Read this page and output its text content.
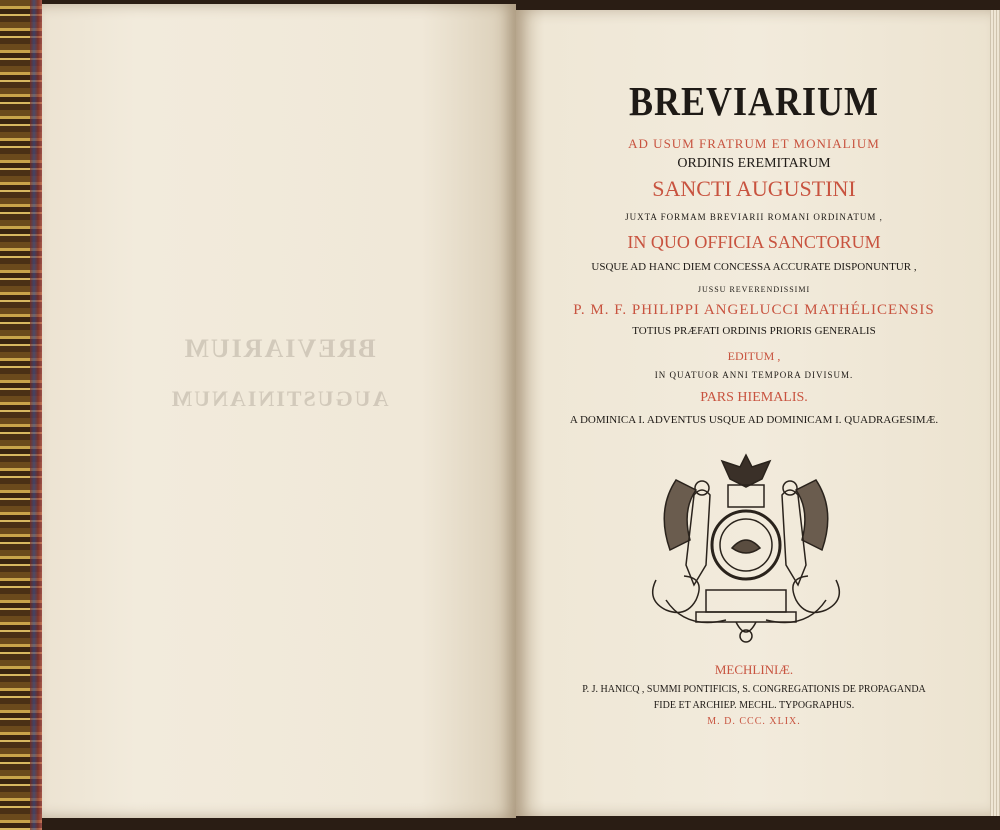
BREVIARIUM
AUGUSTINIANUM
BREVIARIUM
AD USUM FRATRUM ET MONIALIUM
ORDINIS EREMITARUM
SANCTI AUGUSTINI
JUXTA FORMAM BREVIARII ROMANI ORDINATUM ,
IN QUO OFFICIA SANCTORUM
USQUE AD HANC DIEM CONCESSA ACCURATE DISPONUNTUR ,
JUSSU REVERENDISSIMI
P. M. F. PHILIPPI ANGELUCCI MATHÉLICENSIS
TOTIUS PRÆFATI ORDINIS PRIORIS GENERALIS
EDITUM ,
IN QUATUOR ANNI TEMPORA DIVISUM.
PARS HIEMALIS.
A DOMINICA I. ADVENTUS USQUE AD DOMINICAM I. QUADRAGESIMÆ.
MECHLINIÆ.
P. J. HANICQ , SUMMI PONTIFICIS, S. CONGREGATIONIS DE PROPAGANDA
FIDE ET ARCHIEP. MECHL. TYPOGRAPHUS.
M. D. CCC. XLIX.
